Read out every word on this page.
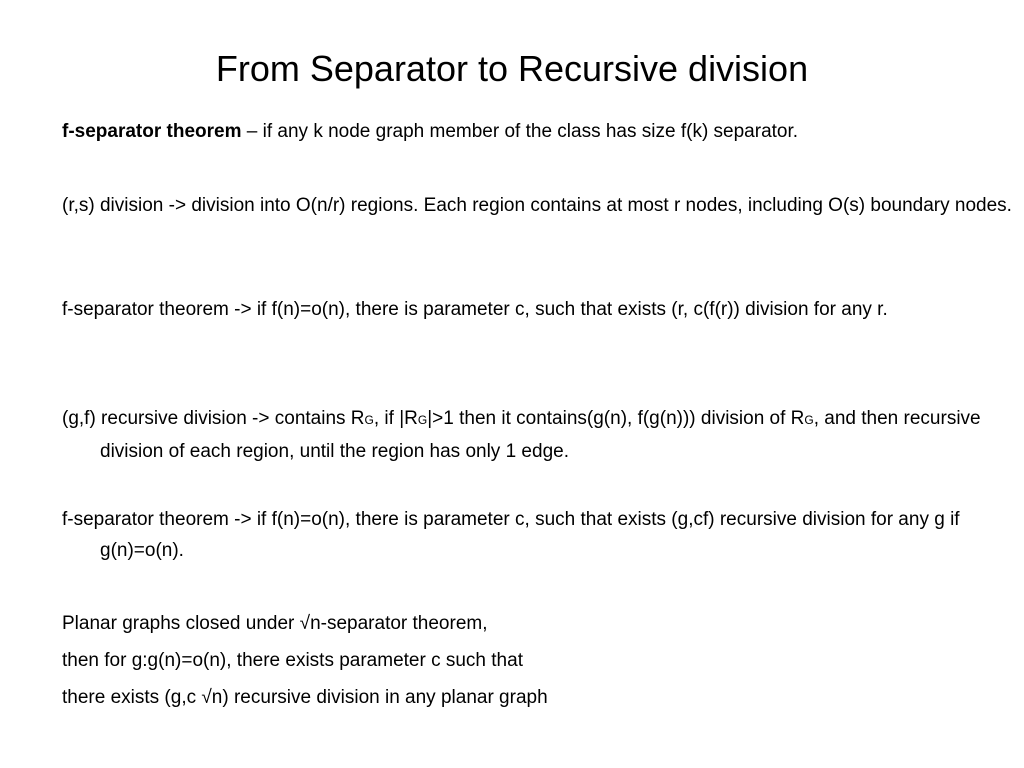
From Separator to Recursive division

f-separator theorem – if any k node graph member of the class has size f(k) separator.

(r,s) division -> division into O(n/r) regions. Each region contains at most r nodes, including O(s) boundary nodes.

f-separator theorem -> if f(n)=o(n), there is parameter c, such that exists (r, c(f(r)) division for any r.

(g,f) recursive division -> contains RG, if |RG|>1 then it contains(g(n), f(g(n))) division of RG, and then recursive division of each region, until the region has only 1 edge.

f-separator theorem -> if f(n)=o(n), there is parameter c, such that exists (g,cf) recursive division for any g if g(n)=o(n).

Planar graphs closed under √n-separator theorem,

then for g:g(n)=o(n), there exists parameter c such that

there exists (g,c √n) recursive division in any planar graph
